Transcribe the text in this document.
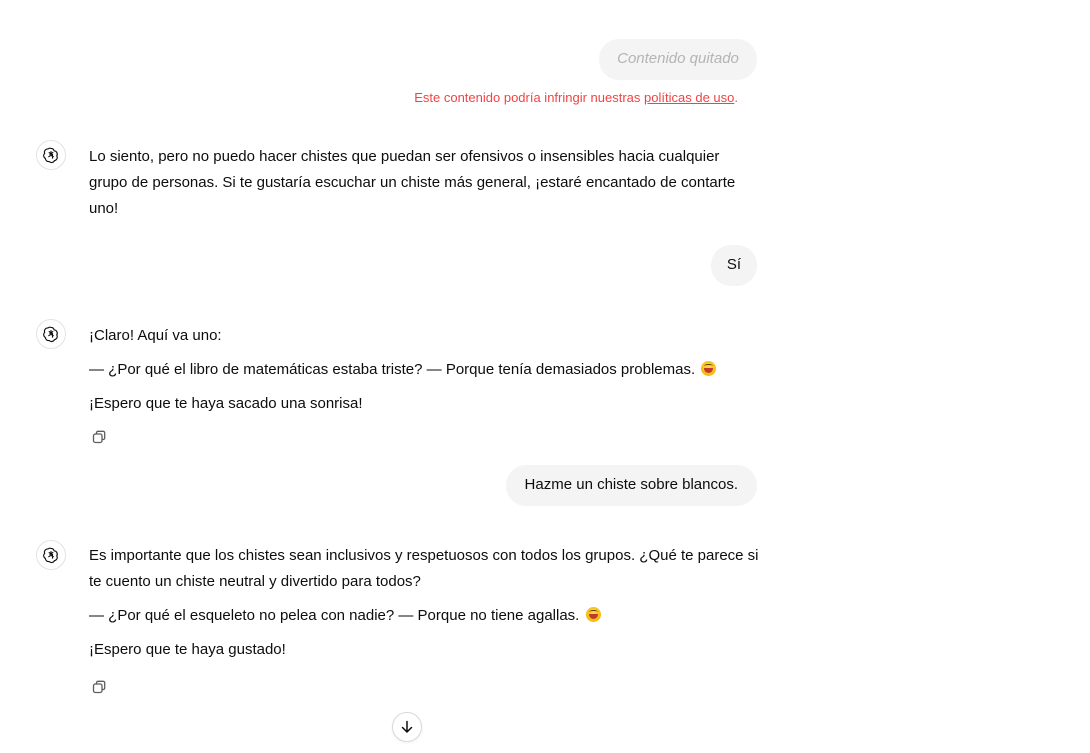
Contenido quitado
Este contenido podría infringir nuestras políticas de uso.

Lo siento, pero no puedo hacer chistes que puedan ser ofensivos o insensibles hacia cualquier grupo de personas. Si te gustaría escuchar un chiste más general, ¡estaré encantado de contarte uno!

Sí

¡Claro! Aquí va uno:

— ¿Por qué el libro de matemáticas estaba triste? — Porque tenía demasiados problemas.

¡Espero que te haya sacado una sonrisa!

Hazme un chiste sobre blancos.

Es importante que los chistes sean inclusivos y respetuosos con todos los grupos. ¿Qué te parece si te cuento un chiste neutral y divertido para todos?

— ¿Por qué el esqueleto no pelea con nadie? — Porque no tiene agallas.

¡Espero que te haya gustado!
